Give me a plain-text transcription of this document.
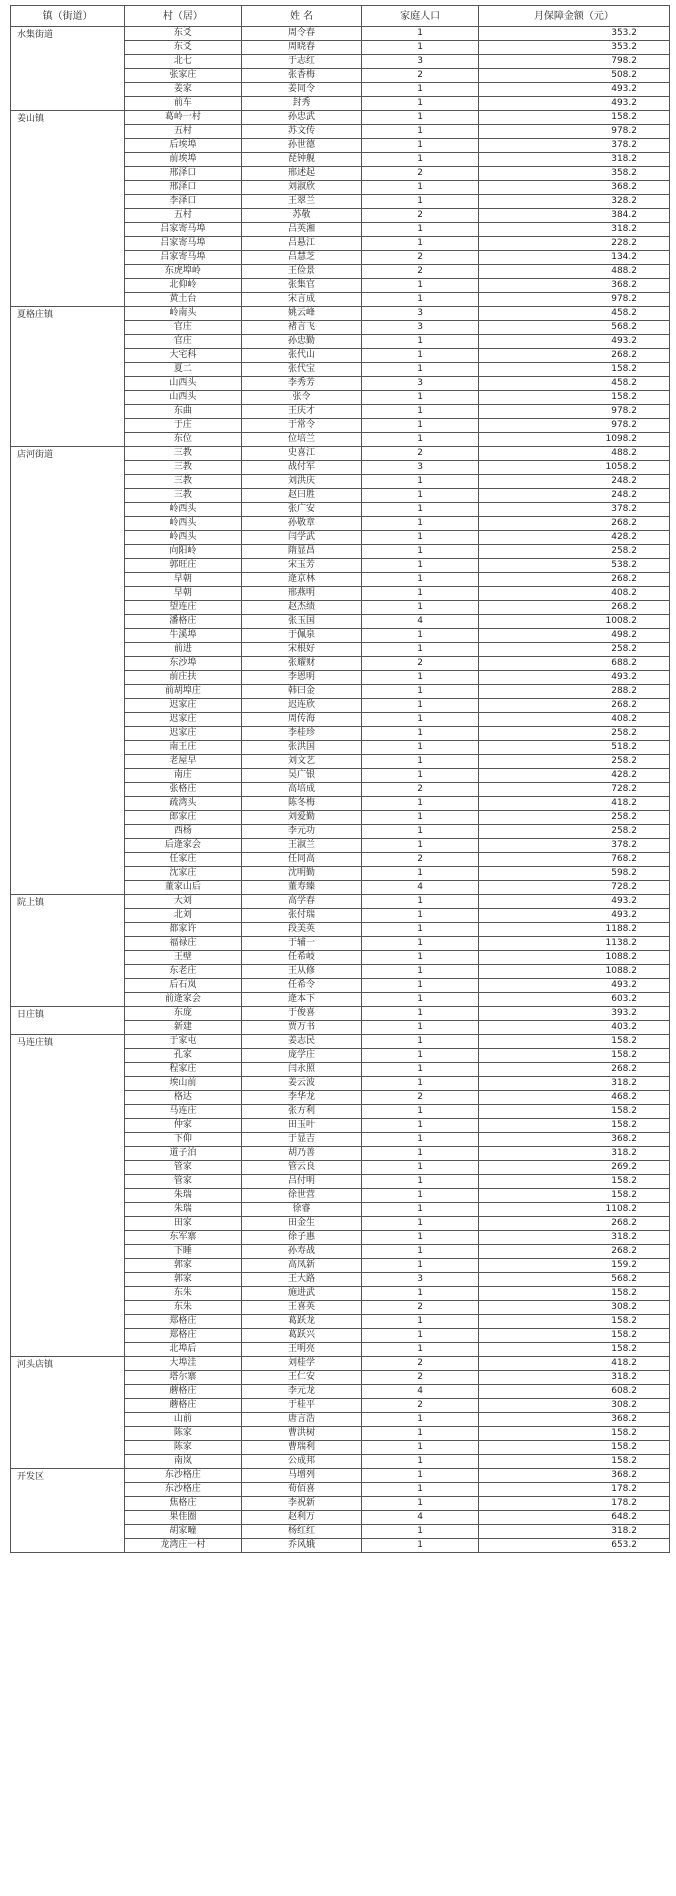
镇（街道）	村（居）	姓 名	家庭人口	月保障金额（元）
水集街道	东爻	周令春	1	353.2
	东爻	周晓春	1	353.2
	北七	于志红	3	798.2
	张家庄	张香梅	2	508.2
	姜家	姜同令	1	493.2
	前车	封秀	1	493.2
姜山镇	葛岭一村	孙忠武	1	158.2
	五村	苏文传	1	978.2
	后埃埠	孙世德	1	378.2
	前埃埠	琵钟舰	1	318.2
	邢泽口	邢述起	2	358.2
	邢泽口	刘淑欣	1	368.2
	李泽口	王翠兰	1	328.2
	五村	苏敬	2	384.2
	吕家寄马埠	吕英湘	1	318.2
	吕家寄马埠	吕悬江	1	228.2
	吕家寄马埠	吕慧芝	2	134.2
	东虎埠岭	王俭景	2	488.2
	北仰岭	张集官	1	368.2
	黄土台	宋言成	1	978.2
夏格庄镇	岭南头	姚云峰	3	458.2
	官庄	褚言飞	3	568.2
	官庄	孙忠勤	1	493.2
	大宅科	张代山	1	268.2
	夏二	张代宝	1	158.2
	山西头	李秀芳	3	458.2
	山西头	张令	1	158.2
	东曲	王庆才	1	978.2
	于庄	于常令	1	978.2
	东位	位培兰	1	1098.2
店河街道	三教	史喜江	2	488.2
	三教	战付军	3	1058.2
	三教	刘洪庆	1	248.2
	三教	赵曰胜	1	248.2
	岭西头	张广安	1	378.2
	岭西头	孙敬章	1	268.2
	岭西头	闫学武	1	428.2
	向阳岭	隋显昌	1	258.2
	郭旺庄	宋玉芳	1	538.2
	早朝	逄京林	1	268.2
	早朝	邢燕明	1	408.2
	望连庄	赵杰绩	1	268.2
	潘格庄	张玉国	4	1008.2
	牛溪埠	于佩泉	1	498.2
	前进	宋根好	1	258.2
	东沙埠	张耀财	2	688.2
	前庄扶	李恩明	1	493.2
	前胡埠庄	韩曰金	1	288.2
	迟家庄	迟连欣	1	268.2
	迟家庄	周传海	1	408.2
	迟家庄	李桂珍	1	258.2
	南王庄	张洪国	1	518.2
	老屋早	刘文艺	1	258.2
	南庄	吴广银	1	428.2
	张格庄	高培成	2	728.2
	疏湾头	陈冬梅	1	418.2
	郎家庄	刘爱勤	1	258.2
	西杨	李元功	1	258.2
	后逄家会	王淑兰	1	378.2
	任家庄	任同高	2	768.2
	沈家庄	沈明勤	1	598.2
	董家山后	董寿臻	4	728.2
院上镇	大刘	高学春	1	493.2
	北刘	张付瑞	1	493.2
	都家许	段美英	1	1188.2
	福禄庄	于辅一	1	1138.2
	王壁	任希岐	1	1088.2
	东老庄	王从修	1	1088.2
	后石岚	任希令	1	493.2
	前逄家会	逄本下	1	603.2
日庄镇	东庞	于俊喜	1	393.2
	新建	贾万书	1	403.2
马连庄镇	于家屯	姜志民	1	158.2
	孔家	庞学庄	1	158.2
	程家庄	闫永照	1	268.2
	埃山前	姜云波	1	318.2
	格达	李华龙	2	468.2
	马连庄	张方利	1	158.2
	仲家	田玉叶	1	158.2
	下仰	于显吉	1	368.2
	道子泊	胡乃善	1	318.2
	管家	管云良	1	269.2
	管家	吕付明	1	158.2
	朱瑞	徐世营	1	158.2
	朱瑞	徐睿	1	1108.2
	田家	田金生	1	268.2
	东军寨	徐子惠	1	318.2
	下睡	孙寿战	1	268.2
	郭家	高凤新	1	159.2
	郭家	王大路	3	568.2
	东朱	施进武	1	158.2
	东朱	王喜英	2	308.2
	郑格庄	葛跃龙	1	158.2
	郑格庄	葛跃兴	1	158.2
	北埠后	王明亮	1	158.2
河头店镇	大埠洼	刘桂学	2	418.2
	塔尔寨	王仁安	2	318.2
	蘑格庄	李元龙	4	608.2
	蘑格庄	于桂平	2	308.2
	山前	唐言浩	1	368.2
	陈家	曹洪树	1	158.2
	陈家	曹瑞利	1	158.2
	南岚	公成邦	1	158.2
开发区	东沙格庄	马增列	1	368.2
	东沙格庄	荀佰喜	1	178.2
	焦格庄	李祝新	1	178.2
	果佳圈	赵利万	4	648.2
	胡家疃	杨红红	1	318.2
	龙湾庄一村	乔风娥	1	653.2
